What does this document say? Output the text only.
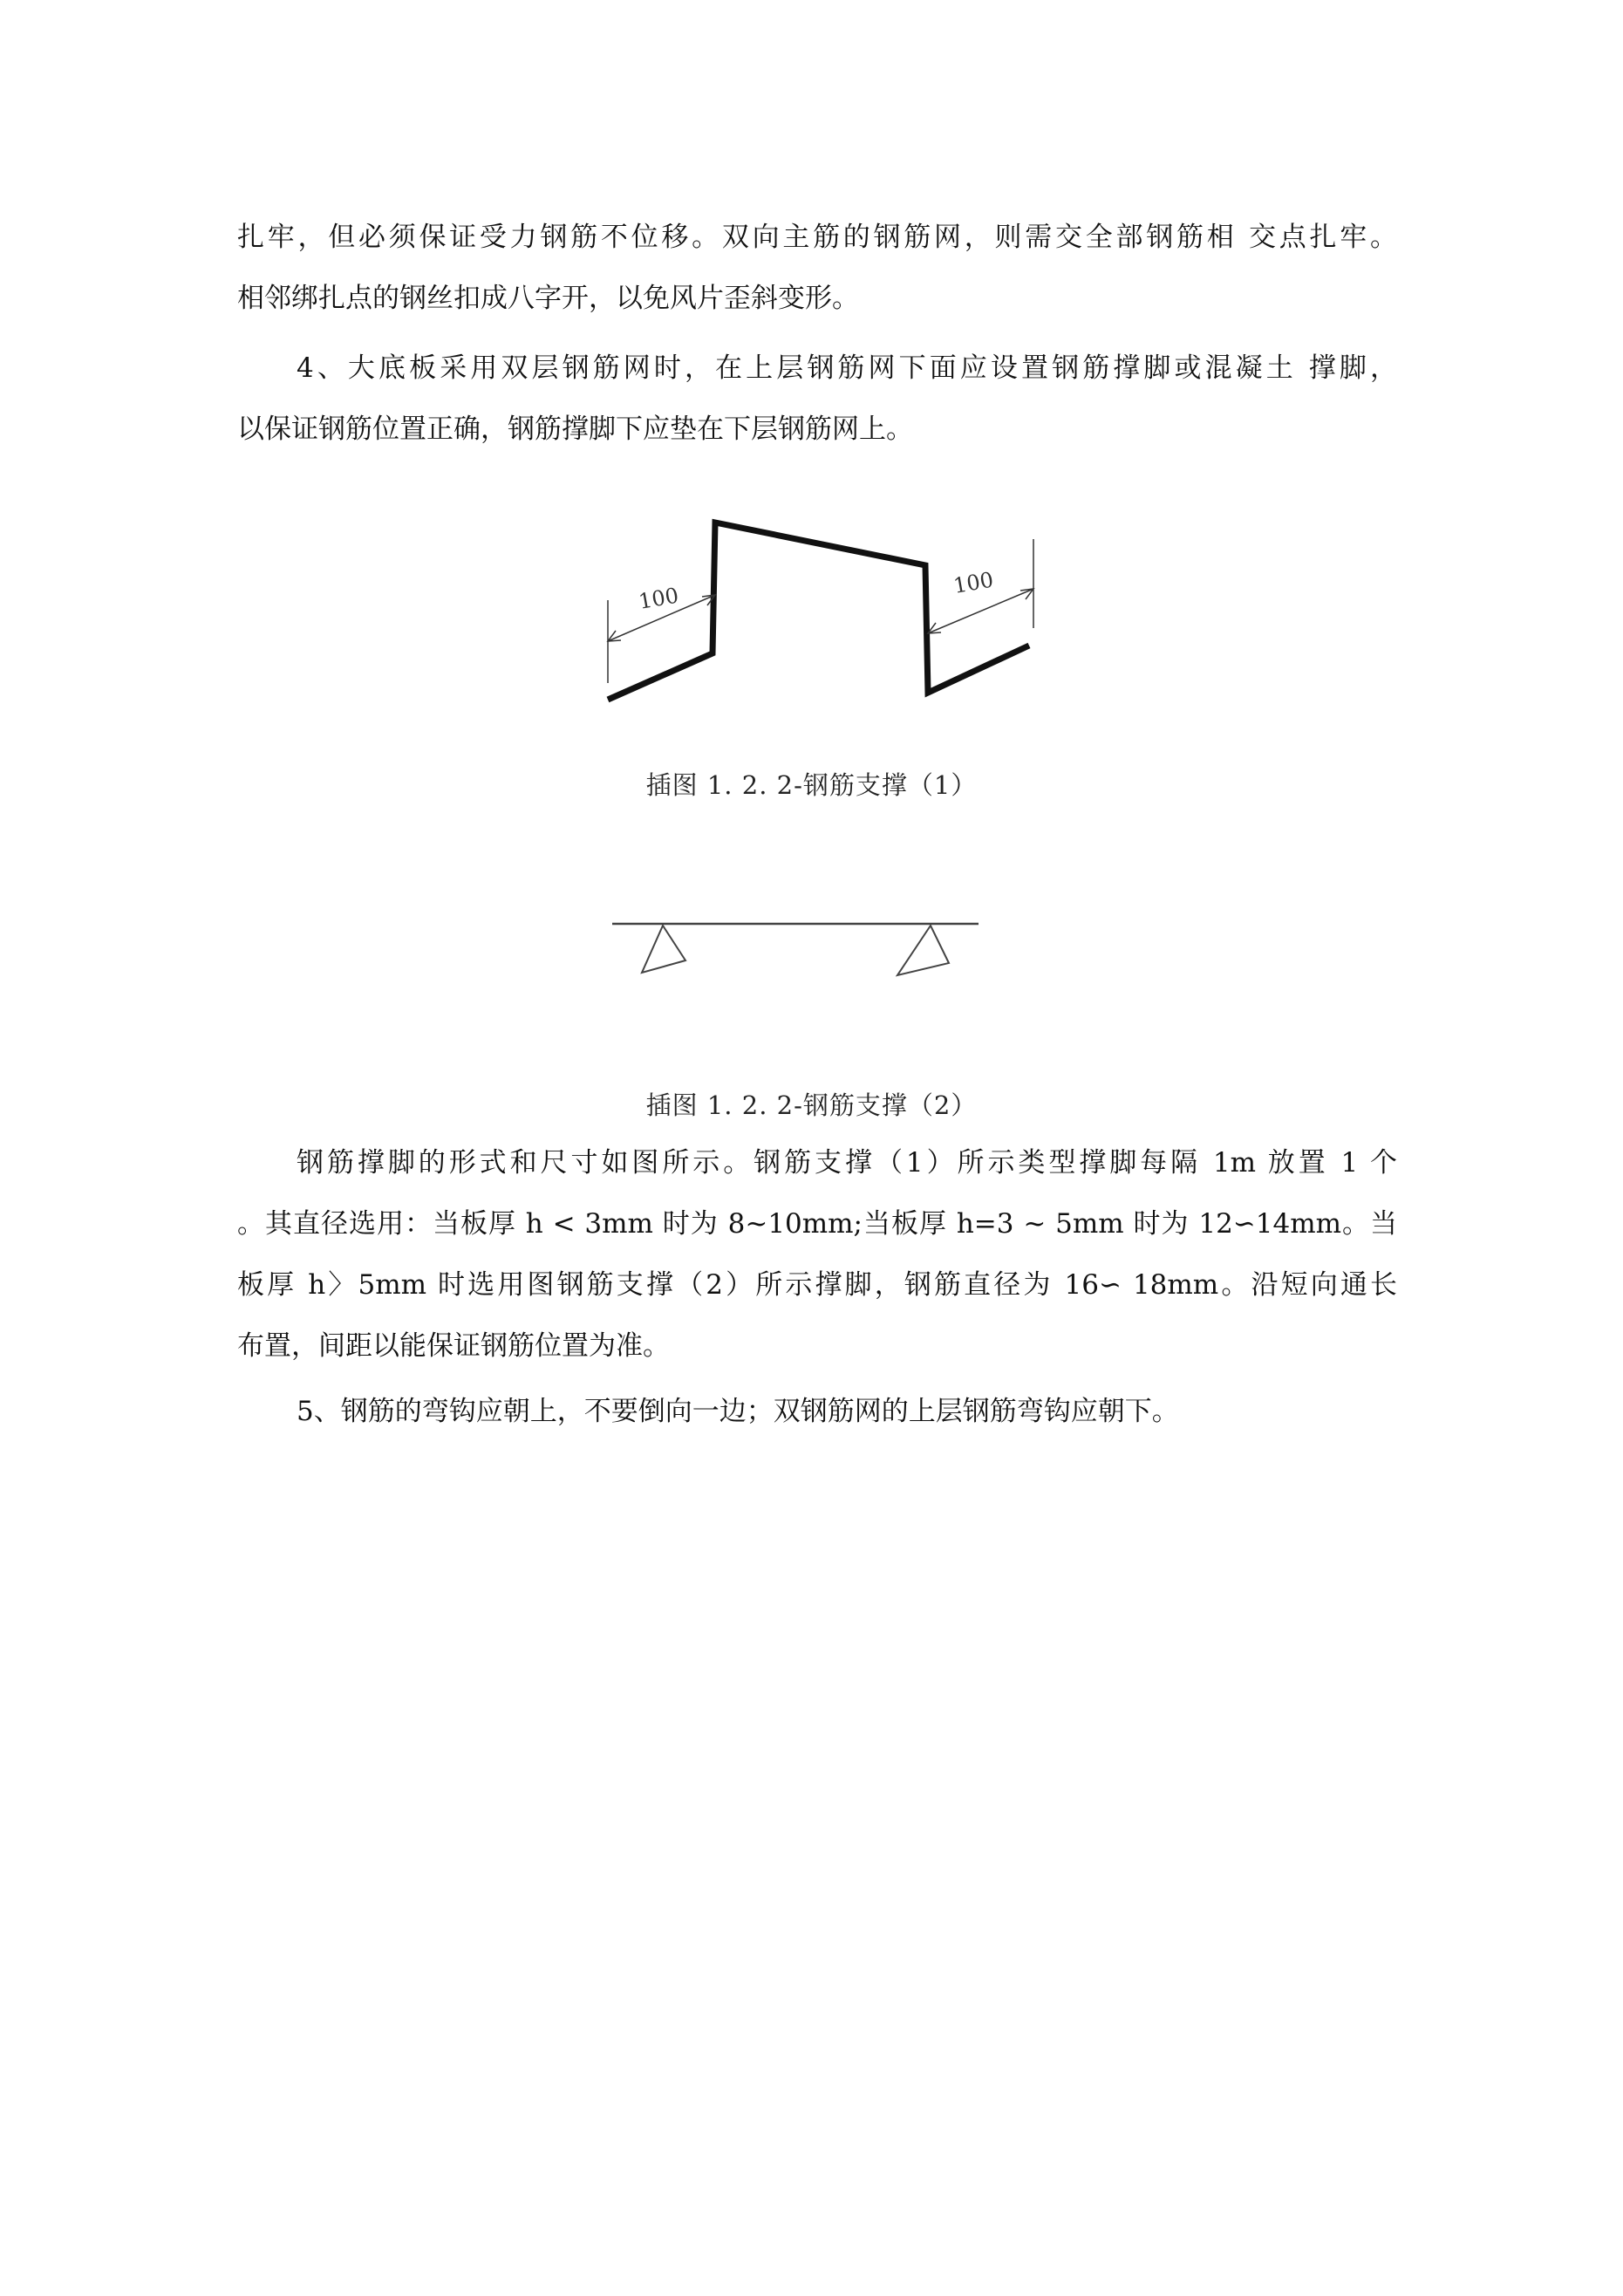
扎牢，但必须保证受力钢筋不位移。双向主筋的钢筋网，则需交全部钢筋相 交点扎牢。
相邻绑扎点的钢丝扣成八字开，以免风片歪斜变形。
4、大底板采用双层钢筋网时，在上层钢筋网下面应设置钢筋撑脚或混凝土 撑脚，
以保证钢筋位置正确，钢筋撑脚下应垫在下层钢筋网上。
100
100
插图 1. 2. 2-钢筋支撑（1）
插图 1. 2. 2-钢筋支撑（2）
钢筋撑脚的形式和尺寸如图所示。钢筋支撑（1）所示类型撑脚每隔 1m 放置 1 个
。其直径选用：当板厚 h < 3mm 时为 8~10mm;当板厚 h=3 ~ 5mm 时为 12∽14mm。当
板厚 h〉5mm 时选用图钢筋支撑（2）所示撑脚，钢筋直径为 16∽ 18mm。沿短向通长
布置，间距以能保证钢筋位置为准。
5、钢筋的弯钩应朝上，不要倒向一边；双钢筋网的上层钢筋弯钩应朝下。
